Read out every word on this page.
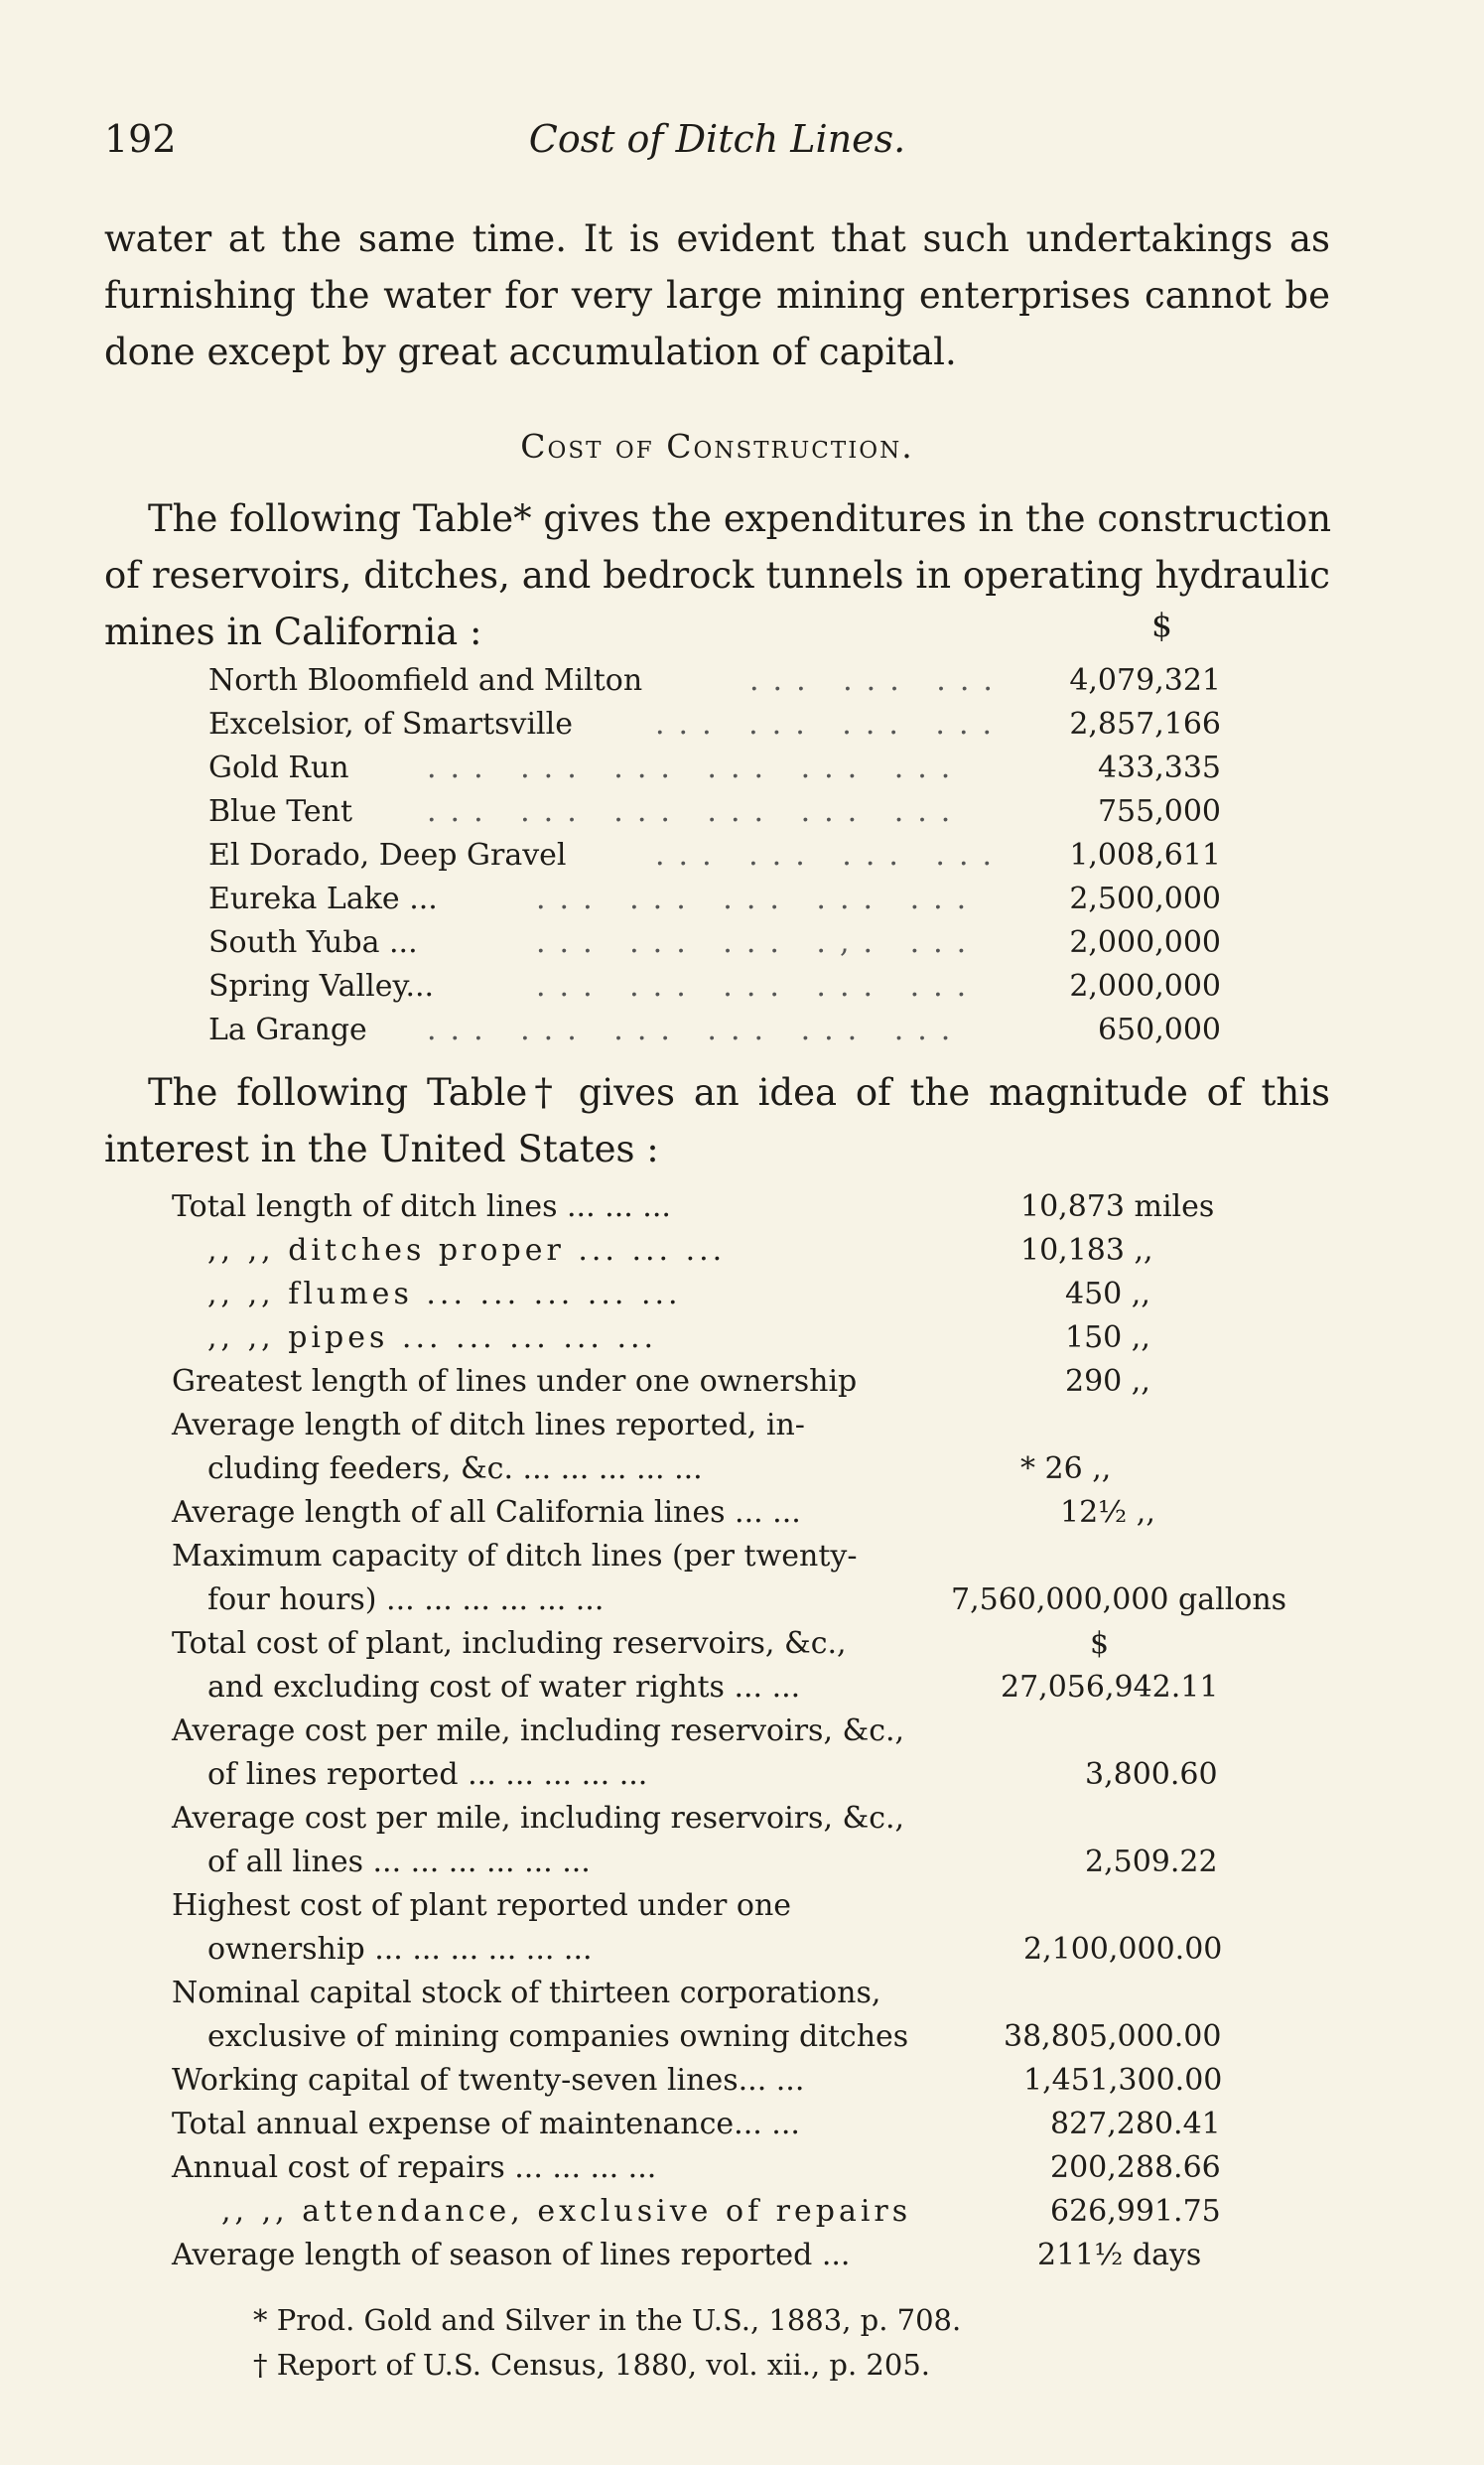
192	Cost of Ditch Lines.
water at the same time. It is evident that such undertakings as
furnishing the water for very large mining enterprises cannot be
done except by great accumulation of capital.
Cost of Construction.
The following Table* gives the expenditures in the construction
of reservoirs, ditches, and bedrock tunnels in operating hydraulic
mines in California :	$
North Bloomfield and Milton	... ... ... 4,079,321
Excelsior, of Smartsville	... ... ... ... 2,857,166
Gold Run	... ... ... ... ... ...	433,335
Blue Tent ... ... ... ... ... ...	755,000
El Dorado, Deep Gravel	... ... ... ... 1,008,611
Eureka Lake ...	... ... ... ... ...	2,500,000
South Yuba ...	... ... ... .,. ...	2,000,000
Spring Valley...	... ... ... ... ...	2,000,000
La Grange ... ... ... ... ... ...	650,000
The following Table† gives an idea of the magnitude of this
interest in the United States :
Total length of ditch lines ... ... ...	10,873 miles
,, ,, ditches proper ... ... ...	10,183 ,,
,, ,, flumes ... ... ... ... ...	450 ,,
,, ,, pipes ... ... ... ... ...	150 ,,
Greatest length of lines under one ownership	290 ,,
Average length of ditch lines reported, in-
cluding feeders, &c. ... ... ... ... ...	* 26 ,,
Average length of all California lines ... ...	12½ ,,
Maximum capacity of ditch lines (per twenty-
four hours) ... ... ... ... ... ...	7,560,000,000 gallons
Total cost of plant, including reservoirs, &c.,	$
and excluding cost of water rights ... ...	27,056,942.11
Average cost per mile, including reservoirs, &c.,
of lines reported ... ... ... ... ...	3,800.60
Average cost per mile, including reservoirs, &c.,
of all lines ... ... ... ... ... ...	2,509.22
Highest cost of plant reported under one
ownership ... ... ... ... ... ...	2,100,000.00
Nominal capital stock of thirteen corporations,
exclusive of mining companies owning ditches	38,805,000.00
Working capital of twenty-seven lines... ...	1,451,300.00
Total annual expense of maintenance... ...	827,280.41
Annual cost of repairs ... ... ... ...	200,288.66
,, ,, attendance, exclusive of repairs	626,991.75
Average length of season of lines reported ...	211½ days
* Prod. Gold and Silver in the U.S., 1883, p. 708.
† Report of U.S. Census, 1880, vol. xii., p. 205.
